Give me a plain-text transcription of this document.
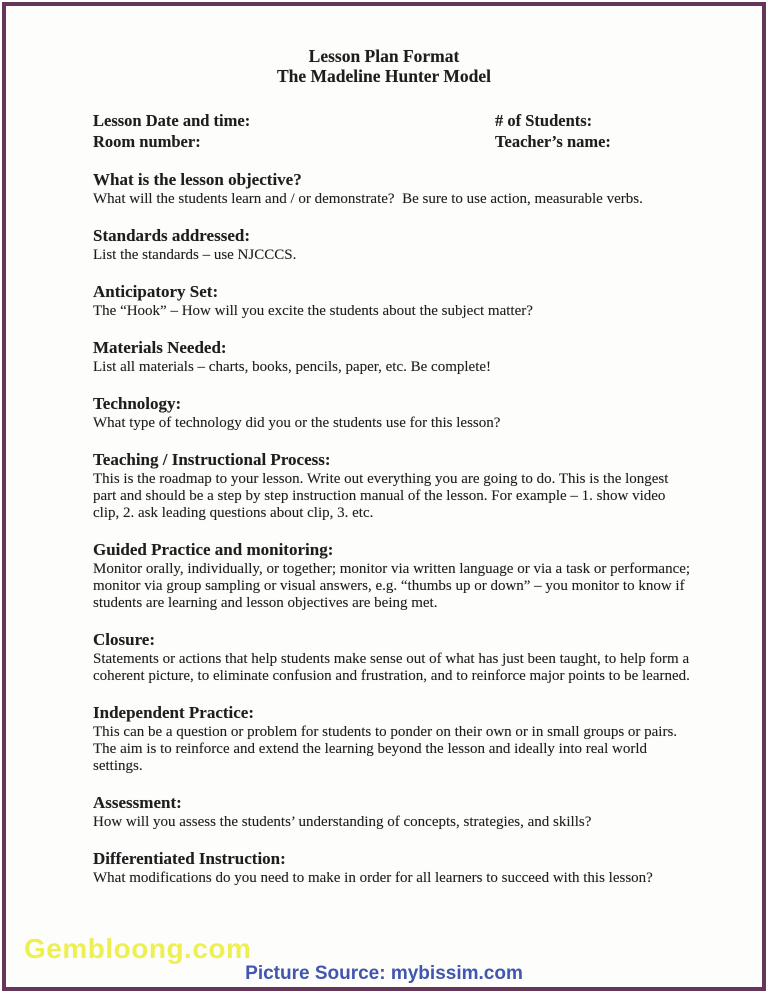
Lesson Plan Format
The Madeline Hunter Model
Lesson Date and time:	# of Students:
Room number:	Teacher’s name:
What is the lesson objective?

What will the students learn and / or demonstrate?  Be sure to use action, measurable verbs.

Standards addressed:

List the standards – use NJCCCS.

Anticipatory Set:

The “Hook” – How will you excite the students about the subject matter?

Materials Needed:

List all materials – charts, books, pencils, paper, etc. Be complete!

Technology:

What type of technology did you or the students use for this lesson?

Teaching / Instructional Process:

This is the roadmap to your lesson. Write out everything you are going to do. This is the longest part and should be a step by step instruction manual of the lesson. For example – 1. show video clip, 2. ask leading questions about clip, 3. etc.

Guided Practice and monitoring:

Monitor orally, individually, or together; monitor via written language or via a task or performance; monitor via group sampling or visual answers, e.g. “thumbs up or down” – you monitor to know if students are learning and lesson objectives are being met.

Closure:

Statements or actions that help students make sense out of what has just been taught, to help form a coherent picture, to eliminate confusion and frustration, and to reinforce major points to be learned.

Independent Practice:

This can be a question or problem for students to ponder on their own or in small groups or pairs. The aim is to reinforce and extend the learning beyond the lesson and ideally into real world settings.

Assessment:

How will you assess the students’ understanding of concepts, strategies, and skills?

Differentiated Instruction:

What modifications do you need to make in order for all learners to succeed with this lesson?

Gembloong.com
Picture Source: mybissim.com
